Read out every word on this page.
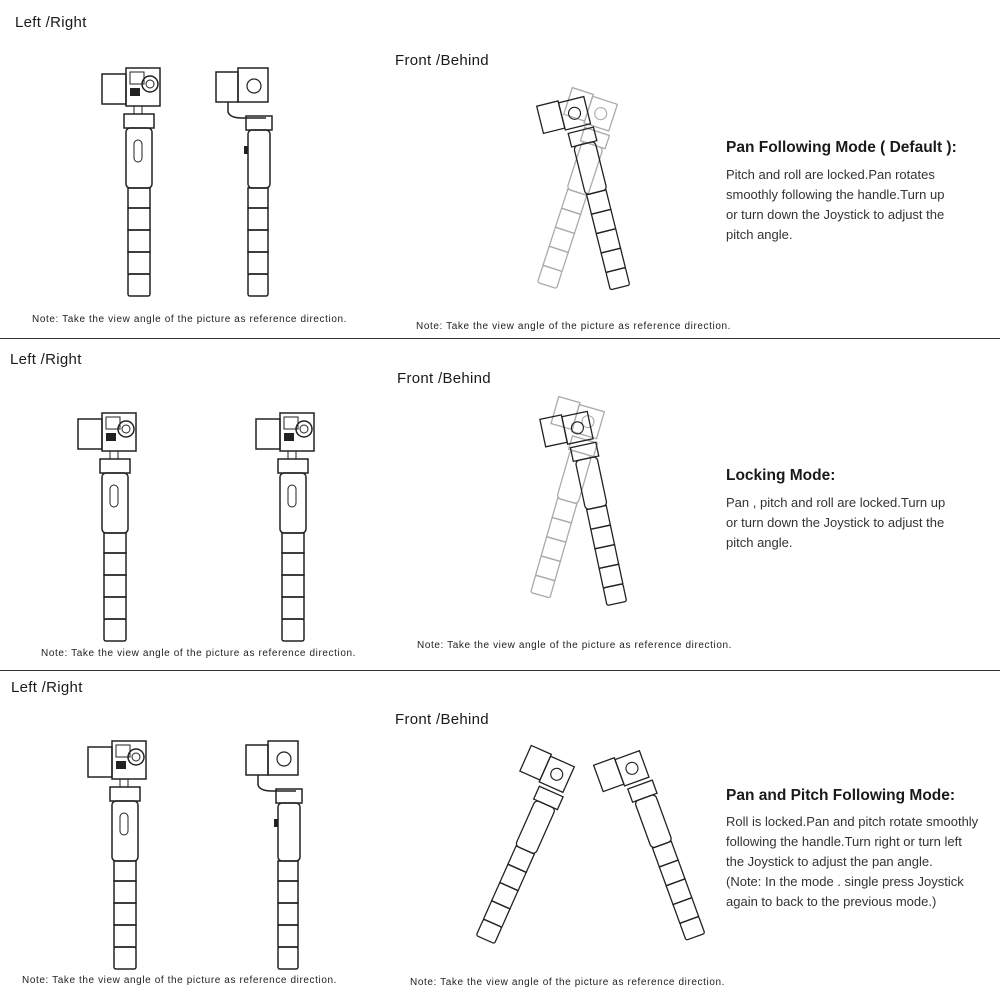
Left /Right
Front /Behind
Pan Following Mode ( Default ):
Pitch and roll are locked.Pan rotates
smoothly following the handle.Turn up
or turn down the Joystick to adjust the
pitch angle.
Note: Take the view angle of the picture as reference direction.
Note: Take the view angle of the picture as reference direction.
Left /Right
Front /Behind
Locking Mode:
Pan , pitch and roll are locked.Turn up
or turn down the Joystick to adjust the
pitch angle.
Note: Take the view angle of the picture as reference direction.
Note: Take the view angle of the picture as reference direction.
Left /Right
Front /Behind
Pan and Pitch Following Mode:
Roll is locked.Pan and pitch rotate smoothly
following the handle.Turn right or turn left
the Joystick to adjust the pan angle.
(Note: In the mode . single press Joystick
again to back to the previous mode.)
Note: Take the view angle of the picture as reference direction.	Note: Take the view angle of the picture as reference direction.
